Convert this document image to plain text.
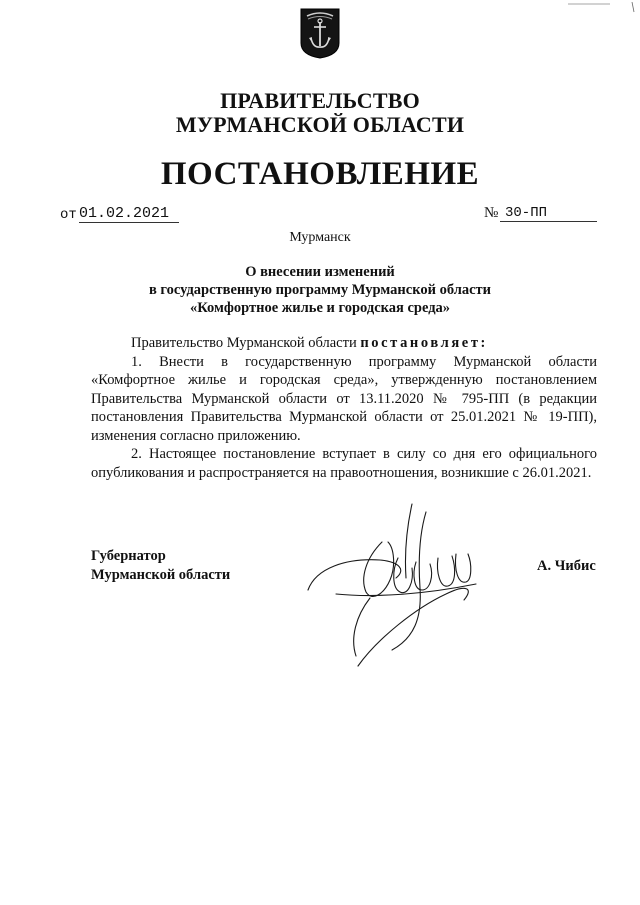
ПРАВИТЕЛЬСТВО
МУРМАНСКОЙ ОБЛАСТИ
ПОСТАНОВЛЕНИЕ
от 01.02.2021	№ 30-ПП
Мурманск
О внесении изменений
в государственную программу Мурманской области
«Комфортное жилье и городская среда»

Правительство Мурманской области постановляет:

1. Внести в государственную программу Мурманской области «Комфортное жилье и городская среда», утвержденную постановлением Правительства Мурманской области от 13.11.2020 № 795-ПП (в редакции постановления Правительства Мурманской области от 25.01.2021 № 19-ПП), изменения согласно приложению.

2. Настоящее постановление вступает в силу со дня его официального опубликования и распространяется на правоотношения, возникшие с 26.01.2021.

Губернатор
Мурманской области
А. Чибис
